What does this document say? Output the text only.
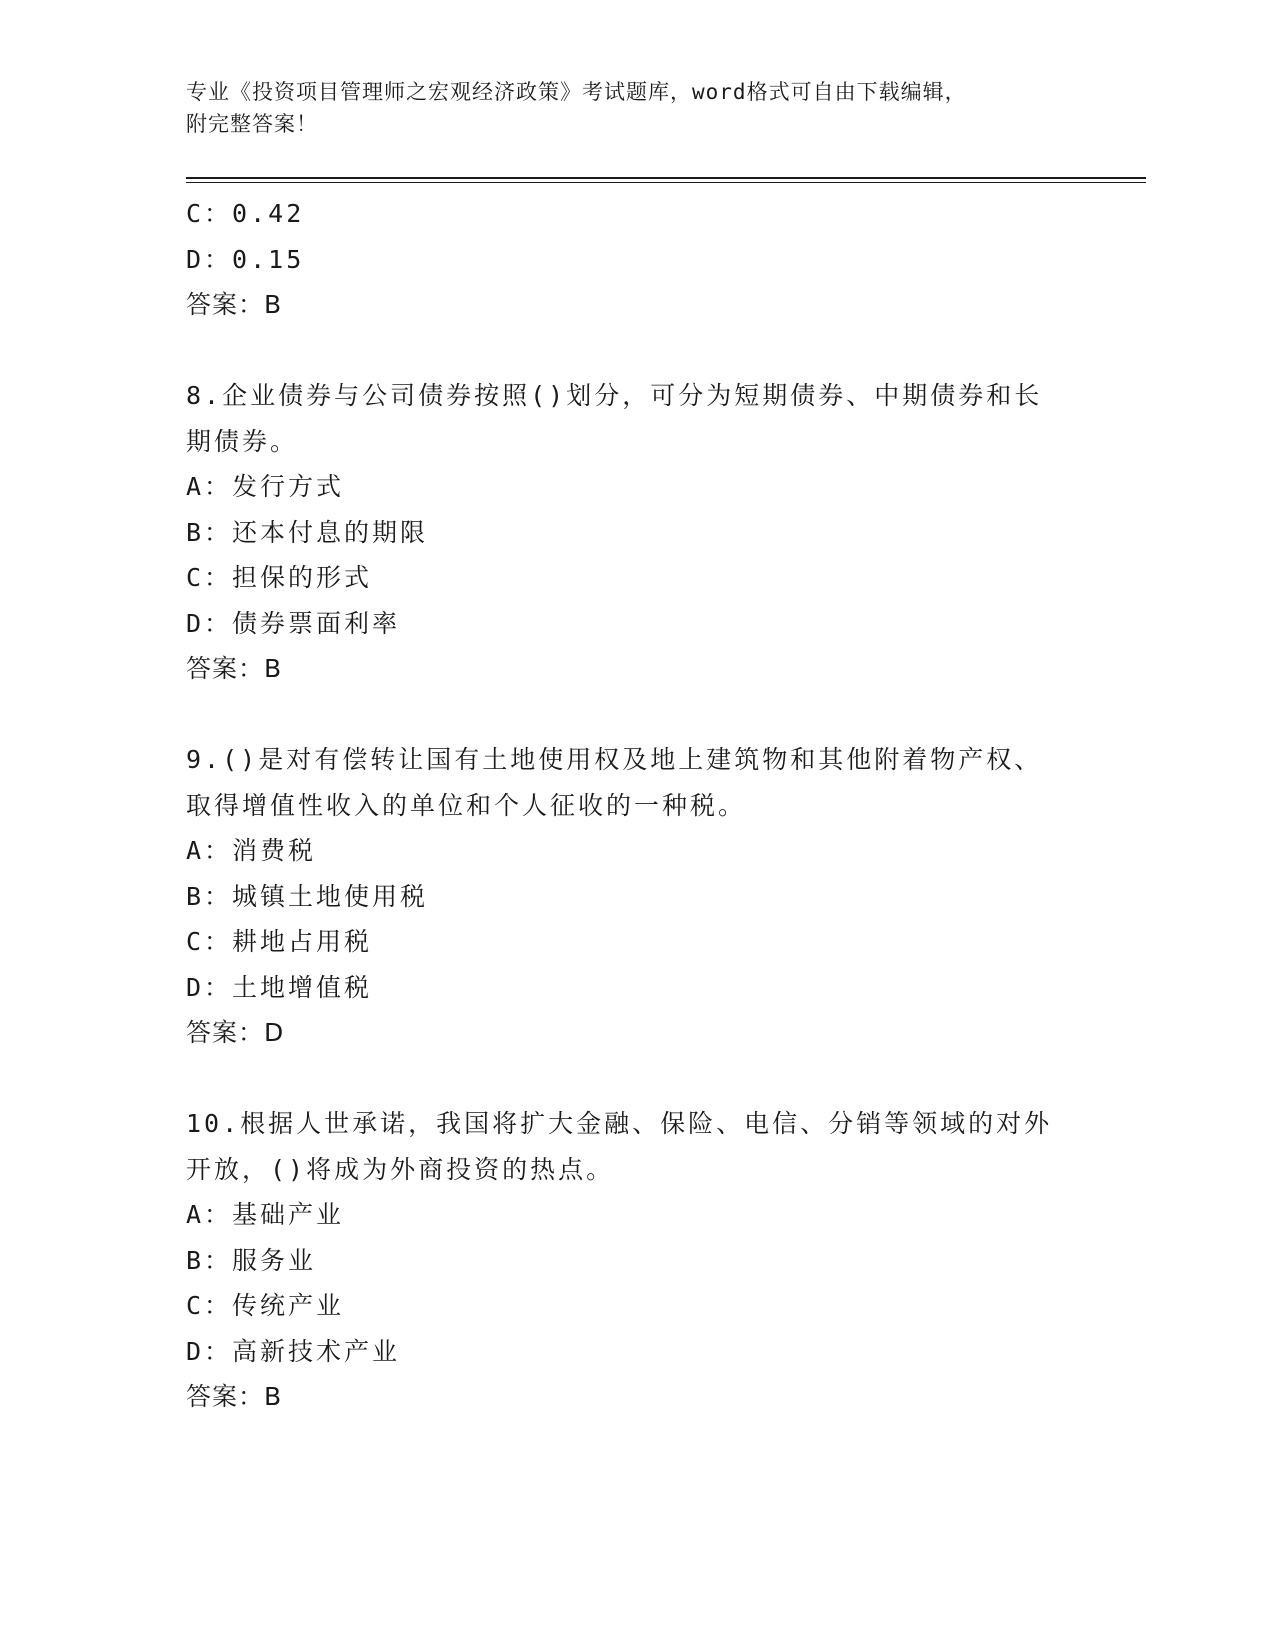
专业《投资项目管理师之宏观经济政策》考试题库，word格式可自由下载编辑，
附完整答案！
C：0.42
D：0.15
答案：B
8.企业债券与公司债券按照()划分，可分为短期债券、中期债券和长
期债券。
A：发行方式
B：还本付息的期限
C：担保的形式
D：债券票面利率
答案：B
9.()是对有偿转让国有土地使用权及地上建筑物和其他附着物产权、
取得增值性收入的单位和个人征收的一种税。
A：消费税
B：城镇土地使用税
C：耕地占用税
D：土地增值税
答案：D
10.根据人世承诺，我国将扩大金融、保险、电信、分销等领域的对外
开放，()将成为外商投资的热点。
A：基础产业
B：服务业
C：传统产业
D：高新技术产业
答案：B
